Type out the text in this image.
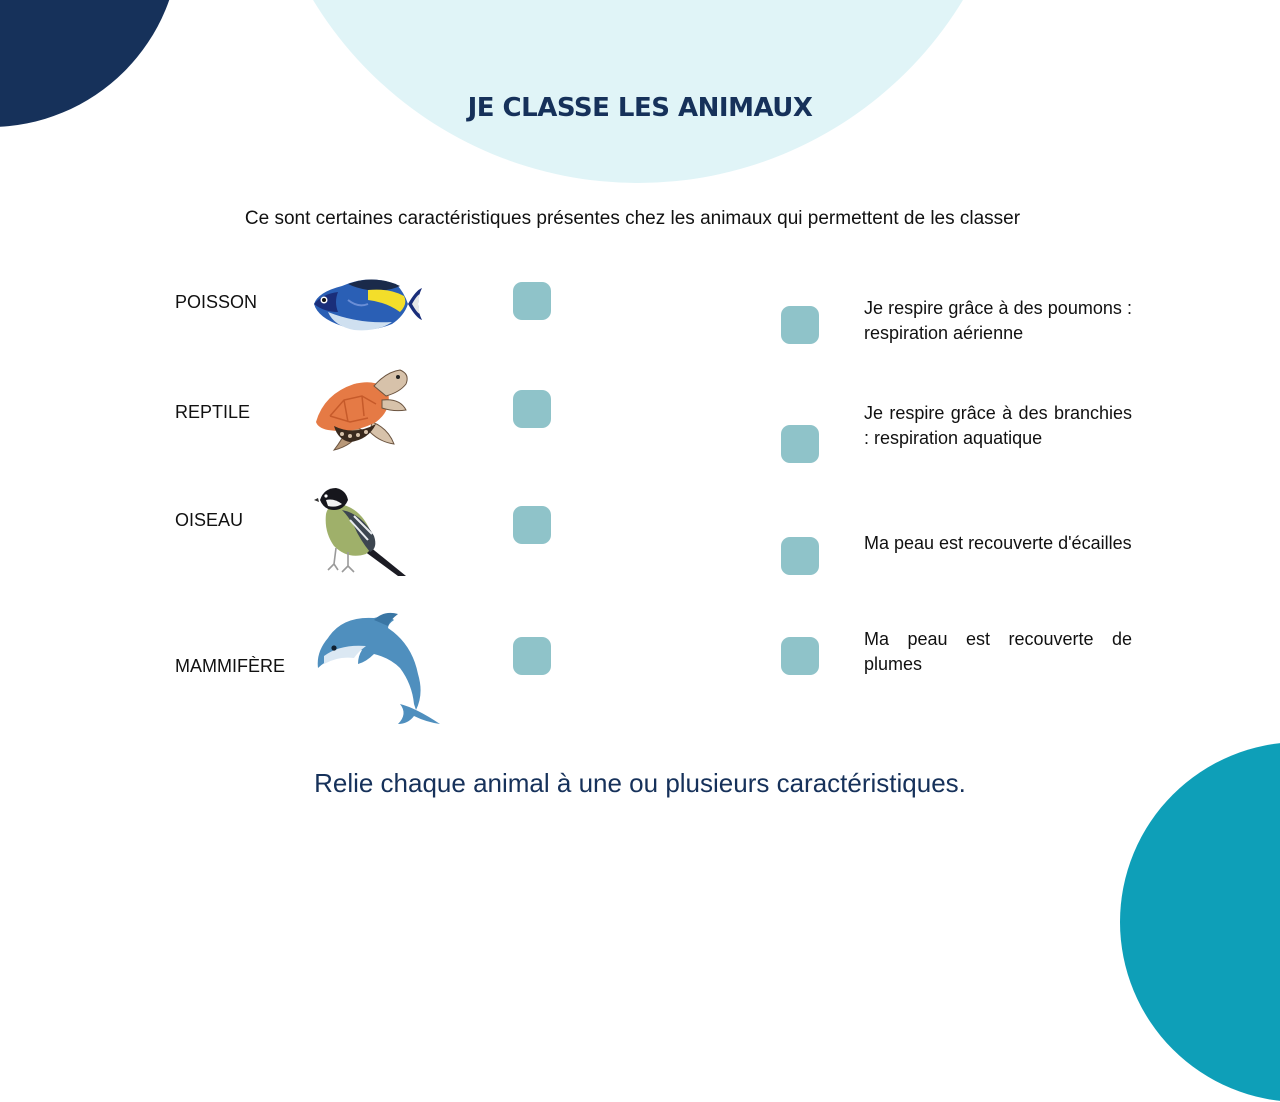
JE CLASSE LES ANIMAUX

Ce sont certaines caractéristiques présentes chez les animaux qui permettent de les classer

POISSON
REPTILE
OISEAU
MAMMIFÈRE

Je respire grâce à des poumons : respiration aérienne

Je respire grâce à des branchies : respiration aquatique

Ma peau est recouverte d'écailles

Ma peau est recouverte de plumes

Relie chaque animal à une ou plusieurs caractéristiques.
